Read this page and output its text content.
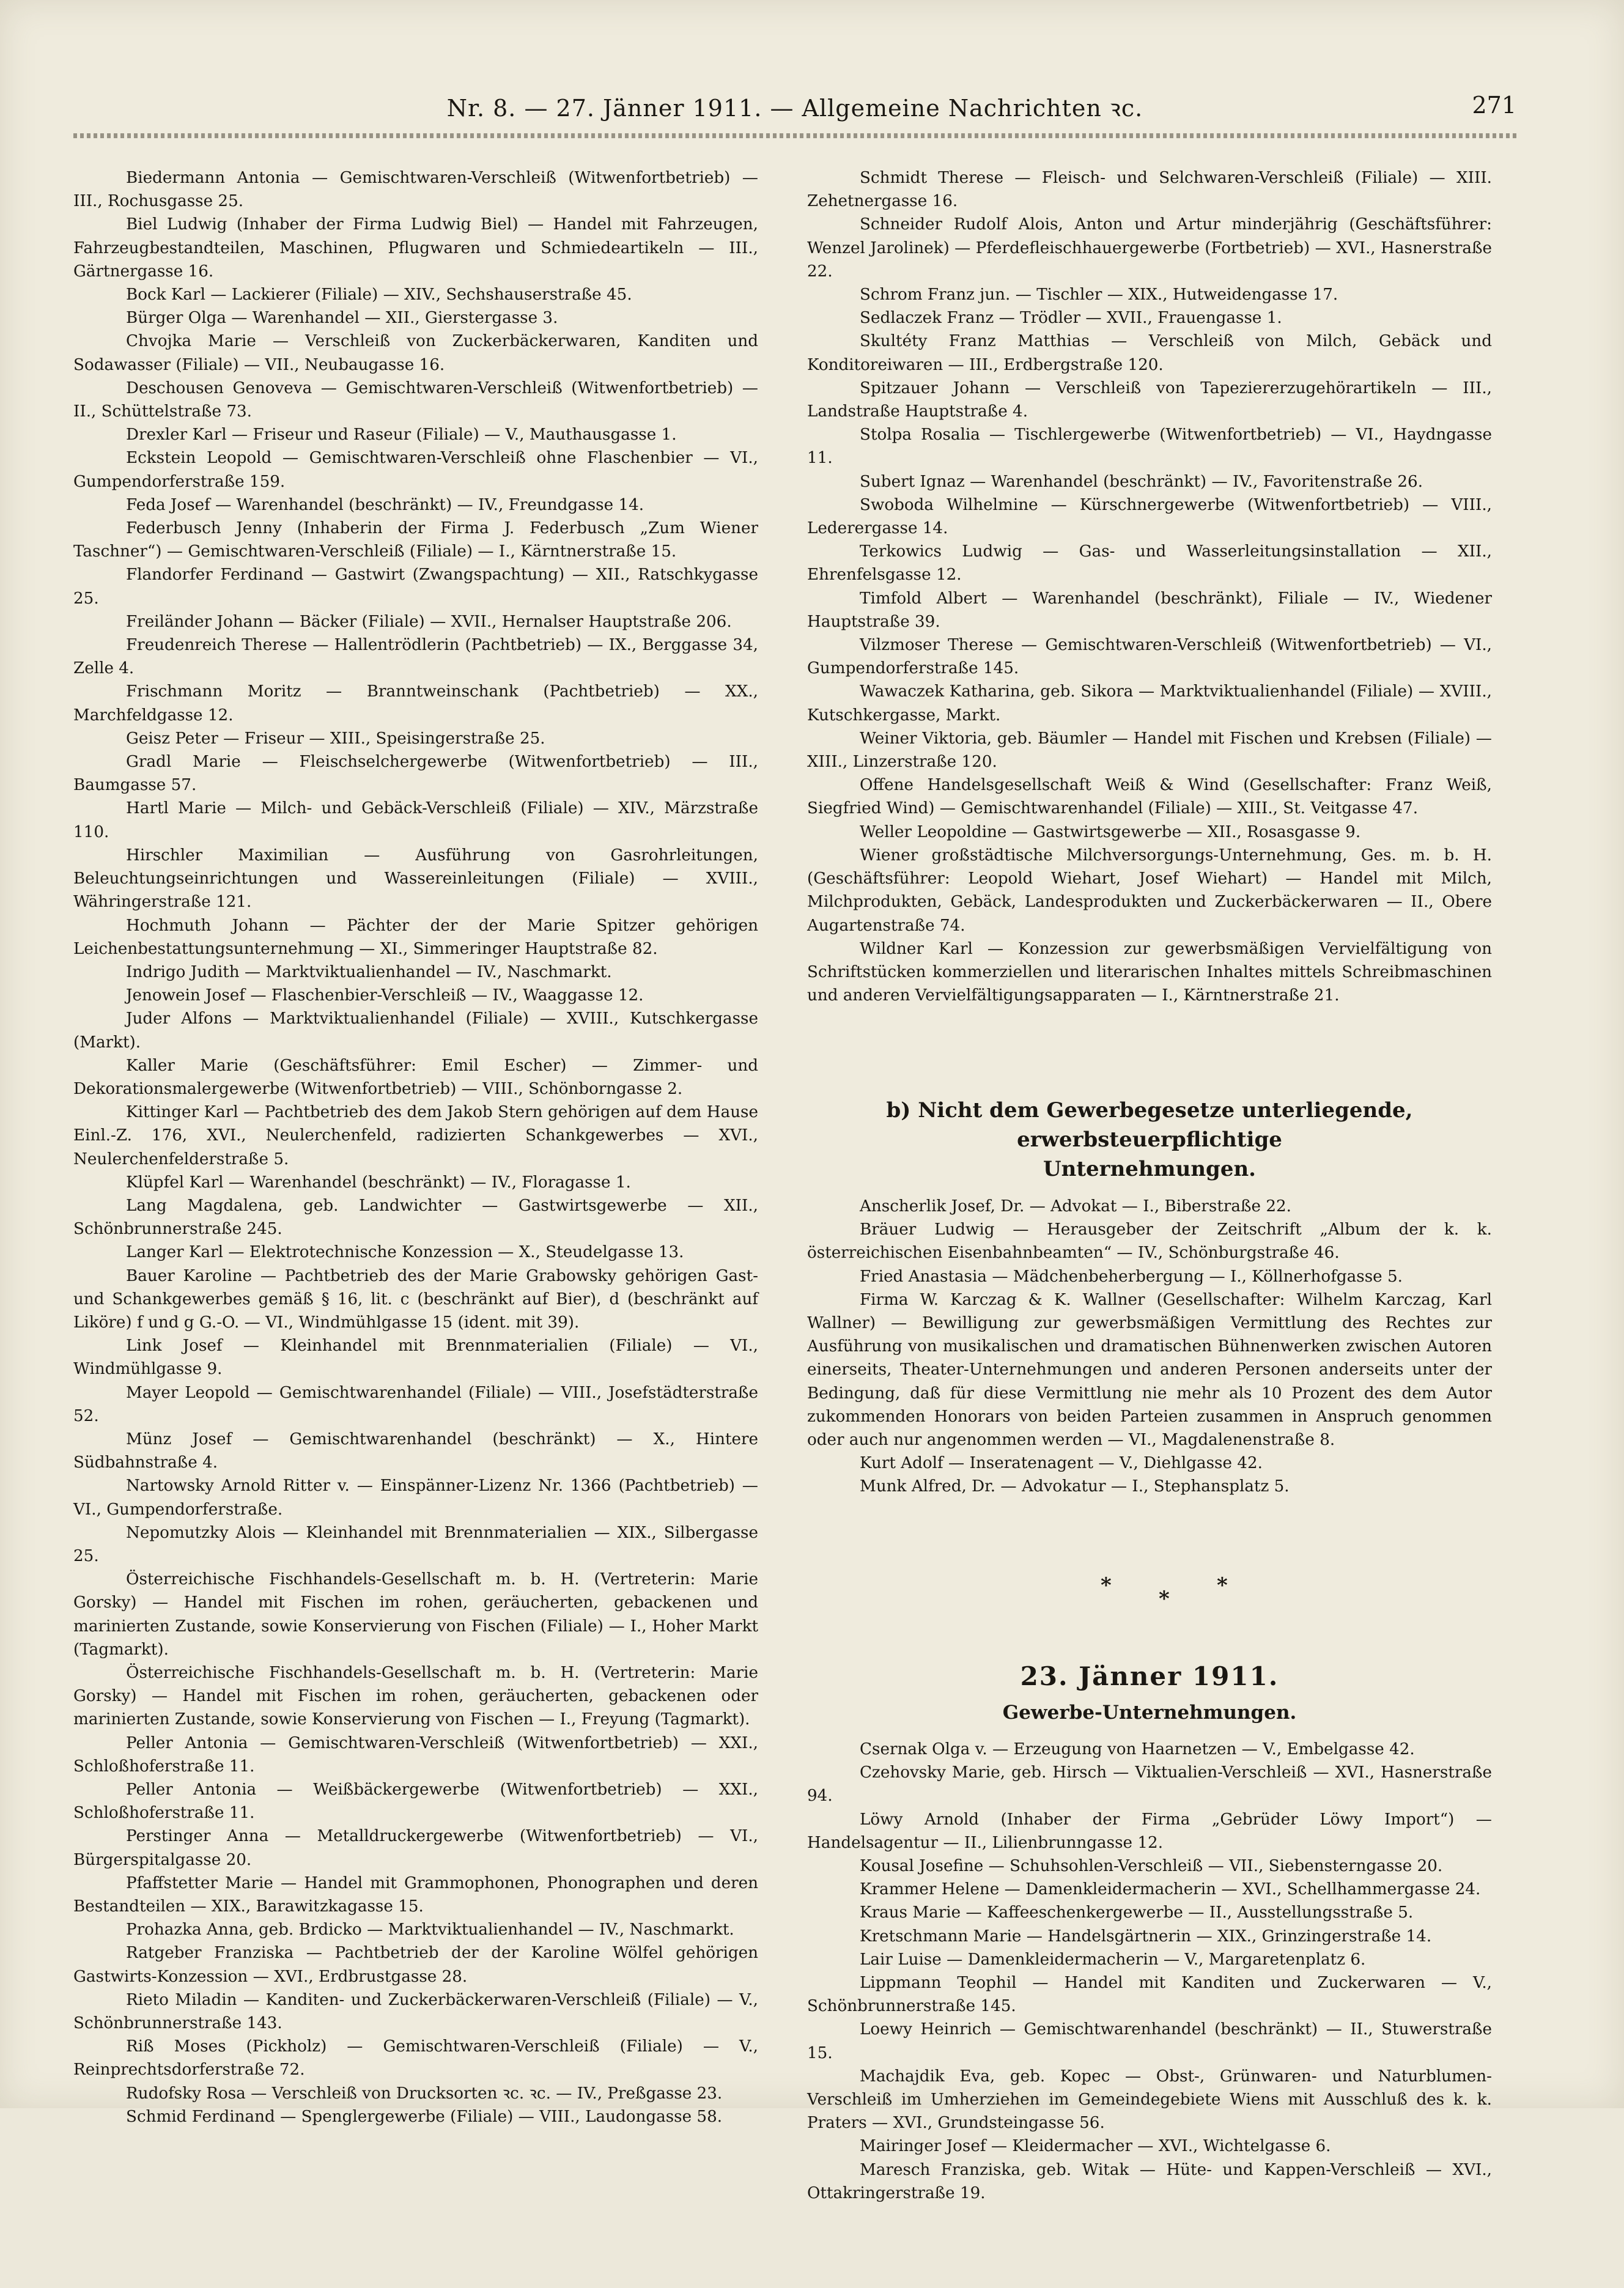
Nr. 8. — 27. Jänner 1911. — Allgemeine Nachrichten ꝛc.	271

Biedermann Antonia — Gemischtwaren-Verschleiß (Witwenfortbetrieb) — III., Rochusgasse 25.

Biel Ludwig (Inhaber der Firma Ludwig Biel) — Handel mit Fahrzeugen, Fahrzeugbestandteilen, Maschinen, Pflugwaren und Schmiedeartikeln — III., Gärtnergasse 16.

Bock Karl — Lackierer (Filiale) — XIV., Sechshauserstraße 45.

Bürger Olga — Warenhandel — XII., Gierstergasse 3.

Chvojka Marie — Verschleiß von Zuckerbäckerwaren, Kanditen und Sodawasser (Filiale) — VII., Neubaugasse 16.

Deschousen Genoveva — Gemischtwaren-Verschleiß (Witwenfortbetrieb) — II., Schüttelstraße 73.

Drexler Karl — Friseur und Raseur (Filiale) — V., Mauthausgasse 1.

Eckstein Leopold — Gemischtwaren-Verschleiß ohne Flaschenbier — VI., Gumpendorferstraße 159.

Feda Josef — Warenhandel (beschränkt) — IV., Freundgasse 14.

Federbusch Jenny (Inhaberin der Firma J. Federbusch „Zum Wiener Taschner“) — Gemischtwaren-Verschleiß (Filiale) — I., Kärntnerstraße 15.

Flandorfer Ferdinand — Gastwirt (Zwangspachtung) — XII., Ratschkygasse 25.

Freiländer Johann — Bäcker (Filiale) — XVII., Hernalser Hauptstraße 206.

Freudenreich Therese — Hallentrödlerin (Pachtbetrieb) — IX., Berggasse 34, Zelle 4.

Frischmann Moritz — Branntweinschank (Pachtbetrieb) — XX., Marchfeldgasse 12.

Geisz Peter — Friseur — XIII., Speisingerstraße 25.

Gradl Marie — Fleischselchergewerbe (Witwenfortbetrieb) — III., Baumgasse 57.

Hartl Marie — Milch- und Gebäck-Verschleiß (Filiale) — XIV., Märzstraße 110.

Hirschler Maximilian — Ausführung von Gasrohrleitungen, Beleuchtungseinrichtungen und Wassereinleitungen (Filiale) — XVIII., Währingerstraße 121.

Hochmuth Johann — Pächter der der Marie Spitzer gehörigen Leichenbestattungsunternehmung — XI., Simmeringer Hauptstraße 82.

Indrigo Judith — Marktviktualienhandel — IV., Naschmarkt.

Jenowein Josef — Flaschenbier-Verschleiß — IV., Waaggasse 12.

Juder Alfons — Marktviktualienhandel (Filiale) — XVIII., Kutschkergasse (Markt).

Kaller Marie (Geschäftsführer: Emil Escher) — Zimmer- und Dekorationsmalergewerbe (Witwenfortbetrieb) — VIII., Schönborngasse 2.

Kittinger Karl — Pachtbetrieb des dem Jakob Stern gehörigen auf dem Hause Einl.-Z. 176, XVI., Neulerchenfeld, radizierten Schankgewerbes — XVI., Neulerchenfelderstraße 5.

Klüpfel Karl — Warenhandel (beschränkt) — IV., Floragasse 1.

Lang Magdalena, geb. Landwichter — Gastwirtsgewerbe — XII., Schönbrunnerstraße 245.

Langer Karl — Elektrotechnische Konzession — X., Steudelgasse 13.

Bauer Karoline — Pachtbetrieb des der Marie Grabowsky gehörigen Gast- und Schankgewerbes gemäß § 16, lit. c (beschränkt auf Bier), d (beschränkt auf Liköre) f und g G.-O. — VI., Windmühlgasse 15 (ident. mit 39).

Link Josef — Kleinhandel mit Brennmaterialien (Filiale) — VI., Windmühlgasse 9.

Mayer Leopold — Gemischtwarenhandel (Filiale) — VIII., Josefstädterstraße 52.

Münz Josef — Gemischtwarenhandel (beschränkt) — X., Hintere Südbahnstraße 4.

Nartowsky Arnold Ritter v. — Einspänner-Lizenz Nr. 1366 (Pachtbetrieb) — VI., Gumpendorferstraße.

Nepomutzky Alois — Kleinhandel mit Brennmaterialien — XIX., Silbergasse 25.

Österreichische Fischhandels-Gesellschaft m. b. H. (Vertreterin: Marie Gorsky) — Handel mit Fischen im rohen, geräucherten, gebackenen und marinierten Zustande, sowie Konservierung von Fischen (Filiale) — I., Hoher Markt (Tagmarkt).

Österreichische Fischhandels-Gesellschaft m. b. H. (Vertreterin: Marie Gorsky) — Handel mit Fischen im rohen, geräucherten, gebackenen oder marinierten Zustande, sowie Konservierung von Fischen — I., Freyung (Tagmarkt).

Peller Antonia — Gemischtwaren-Verschleiß (Witwenfortbetrieb) — XXI., Schloßhoferstraße 11.

Peller Antonia — Weißbäckergewerbe (Witwenfortbetrieb) — XXI., Schloßhoferstraße 11.

Perstinger Anna — Metalldruckergewerbe (Witwenfortbetrieb) — VI., Bürgerspitalgasse 20.

Pfaffstetter Marie — Handel mit Grammophonen, Phonographen und deren Bestandteilen — XIX., Barawitzkagasse 15.

Prohazka Anna, geb. Brdicko — Marktviktualienhandel — IV., Naschmarkt.

Ratgeber Franziska — Pachtbetrieb der der Karoline Wölfel gehörigen Gastwirts-Konzession — XVI., Erdbrustgasse 28.

Rieto Miladin — Kanditen- und Zuckerbäckerwaren-Verschleiß (Filiale) — V., Schönbrunnerstraße 143.

Riß Moses (Pickholz) — Gemischtwaren-Verschleiß (Filiale) — V., Reinprechtsdorferstraße 72.

Rudofsky Rosa — Verschleiß von Drucksorten ꝛc. ꝛc. — IV., Preßgasse 23.

Schmid Ferdinand — Spenglergewerbe (Filiale) — VIII., Laudongasse 58.

Schmidt Therese — Fleisch- und Selchwaren-Verschleiß (Filiale) — XIII. Zehetnergasse 16.

Schneider Rudolf Alois, Anton und Artur minderjährig (Geschäftsführer: Wenzel Jarolinek) — Pferdefleischhauergewerbe (Fortbetrieb) — XVI., Hasnerstraße 22.

Schrom Franz jun. — Tischler — XIX., Hutweidengasse 17.

Sedlaczek Franz — Trödler — XVII., Frauengasse 1.

Skultéty Franz Matthias — Verschleiß von Milch, Gebäck und Konditoreiwaren — III., Erdbergstraße 120.

Spitzauer Johann — Verschleiß von Tapeziererzugehörartikeln — III., Landstraße Hauptstraße 4.

Stolpa Rosalia — Tischlergewerbe (Witwenfortbetrieb) — VI., Haydngasse 11.

Subert Ignaz — Warenhandel (beschränkt) — IV., Favoritenstraße 26.

Swoboda Wilhelmine — Kürschnergewerbe (Witwenfortbetrieb) — VIII., Lederergasse 14.

Terkowics Ludwig — Gas- und Wasserleitungsinstallation — XII., Ehrenfelsgasse 12.

Timfold Albert — Warenhandel (beschränkt), Filiale — IV., Wiedener Hauptstraße 39.

Vilzmoser Therese — Gemischtwaren-Verschleiß (Witwenfortbetrieb) — VI., Gumpendorferstraße 145.

Wawaczek Katharina, geb. Sikora — Marktviktualienhandel (Filiale) — XVIII., Kutschkergasse, Markt.

Weiner Viktoria, geb. Bäumler — Handel mit Fischen und Krebsen (Filiale) — XIII., Linzerstraße 120.

Offene Handelsgesellschaft Weiß & Wind (Gesellschafter: Franz Weiß, Siegfried Wind) — Gemischtwarenhandel (Filiale) — XIII., St. Veitgasse 47.

Weller Leopoldine — Gastwirtsgewerbe — XII., Rosasgasse 9.

Wiener großstädtische Milchversorgungs-Unternehmung, Ges. m. b. H. (Geschäftsführer: Leopold Wiehart, Josef Wiehart) — Handel mit Milch, Milchprodukten, Gebäck, Landesprodukten und Zuckerbäckerwaren — II., Obere Augartenstraße 74.

Wildner Karl — Konzession zur gewerbsmäßigen Vervielfältigung von Schriftstücken kommerziellen und literarischen Inhaltes mittels Schreibmaschinen und anderen Vervielfältigungsapparaten — I., Kärntnerstraße 21.

b) Nicht dem Gewerbegesetze unterliegende, erwerbsteuerpflichtige
Unternehmungen.

Anscherlik Josef, Dr. — Advokat — I., Biberstraße 22.

Bräuer Ludwig — Herausgeber der Zeitschrift „Album der k. k. österreichischen Eisenbahnbeamten“ — IV., Schönburgstraße 46.

Fried Anastasia — Mädchenbeherbergung — I., Köllnerhofgasse 5.

Firma W. Karczag & K. Wallner (Gesellschafter: Wilhelm Karczag, Karl Wallner) — Bewilligung zur gewerbsmäßigen Vermittlung des Rechtes zur Ausführung von musikalischen und dramatischen Bühnenwerken zwischen Autoren einerseits, Theater-Unternehmungen und anderen Personen anderseits unter der Bedingung, daß für diese Vermittlung nie mehr als 10 Prozent des dem Autor zukommenden Honorars von beiden Parteien zusammen in Anspruch genommen oder auch nur angenommen werden — VI., Magdalenenstraße 8.

Kurt Adolf — Inseratenagent — V., Diehlgasse 42.

Munk Alfred, Dr. — Advokatur — I., Stephansplatz 5.

*
*
*
23. Jänner 1911.
Gewerbe-Unternehmungen.

Csernak Olga v. — Erzeugung von Haarnetzen — V., Embelgasse 42.

Czehovsky Marie, geb. Hirsch — Viktualien-Verschleiß — XVI., Hasnerstraße 94.

Löwy Arnold (Inhaber der Firma „Gebrüder Löwy Import“) — Handelsagentur — II., Lilienbrunngasse 12.

Kousal Josefine — Schuhsohlen-Verschleiß — VII., Siebensterngasse 20.

Krammer Helene — Damenkleidermacherin — XVI., Schellhammergasse 24.

Kraus Marie — Kaffeeschenkergewerbe — II., Ausstellungsstraße 5.

Kretschmann Marie — Handelsgärtnerin — XIX., Grinzingerstraße 14.

Lair Luise — Damenkleidermacherin — V., Margaretenplatz 6.

Lippmann Teophil — Handel mit Kanditen und Zuckerwaren — V., Schönbrunnerstraße 145.

Loewy Heinrich — Gemischtwarenhandel (beschränkt) — II., Stuwerstraße 15.

Machajdik Eva, geb. Kopec — Obst-, Grünwaren- und Naturblumen-Verschleiß im Umherziehen im Gemeindegebiete Wiens mit Ausschluß des k. k. Praters — XVI., Grundsteingasse 56.

Mairinger Josef — Kleidermacher — XVI., Wichtelgasse 6.

Maresch Franziska, geb. Witak — Hüte- und Kappen-Verschleiß — XVI., Ottakringerstraße 19.
